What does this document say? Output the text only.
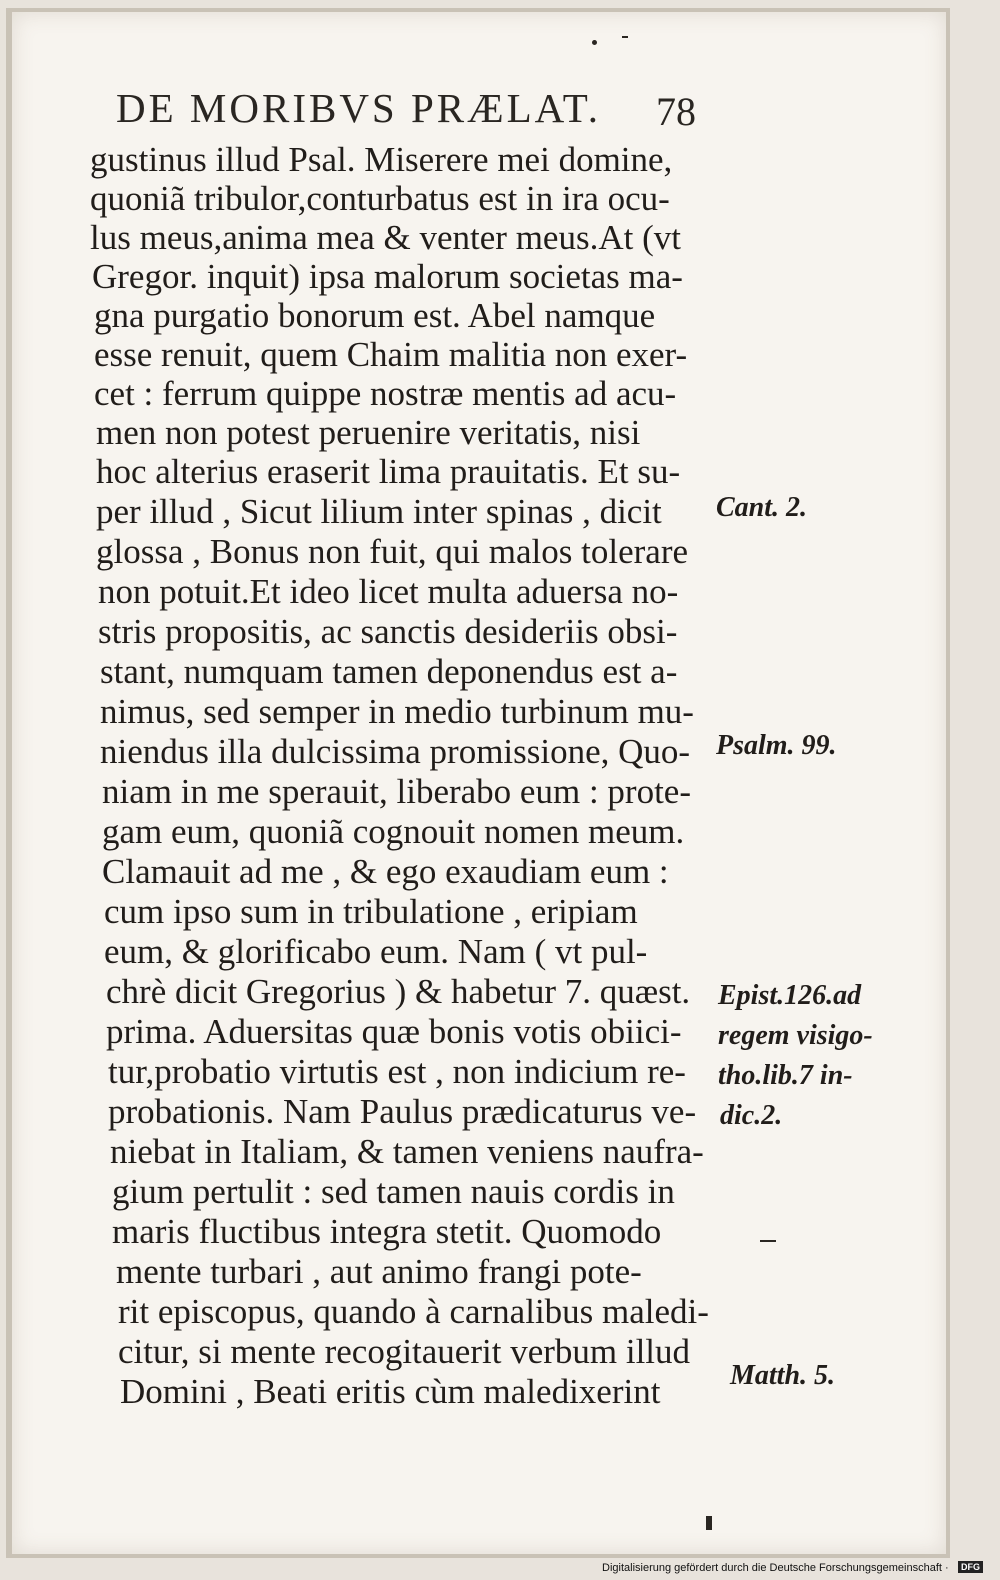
DE MORIBVS PRÆLAT. 78
gustinus illud Psal. Miserere mei domine,
quoniã tribulor,conturbatus est in ira ocu-
lus meus,anima mea & venter meus.At (vt
Gregor. inquit) ipsa malorum societas ma-
gna purgatio bonorum est. Abel namque
esse renuit, quem Chaim malitia non exer-
cet : ferrum quippe nostræ mentis ad acu-
men non potest peruenire veritatis, nisi
hoc alterius eraserit lima prauitatis. Et su-
per illud , Sicut lilium inter spinas , dicit
glossa , Bonus non fuit, qui malos tolerare
non potuit.Et ideo licet multa aduersa no-
stris propositis, ac sanctis desideriis obsi-
stant, numquam tamen deponendus est a-
nimus, sed semper in medio turbinum mu-
niendus illa dulcissima promissione, Quo-
niam in me sperauit, liberabo eum : prote-
gam eum, quoniã cognouit nomen meum.
Clamauit ad me , & ego exaudiam eum :
cum ipso sum in tribulatione , eripiam
eum, & glorificabo eum. Nam ( vt pul-
chrè dicit Gregorius ) & habetur 7. quæst.
prima. Aduersitas quæ bonis votis obiici-
tur,probatio virtutis est , non indicium re-
probationis. Nam Paulus prædicaturus ve-
niebat in Italiam, & tamen veniens naufra-
gium pertulit : sed tamen nauis cordis in
maris fluctibus integra stetit. Quomodo
mente turbari , aut animo frangi pote-
rit episcopus, quando à carnalibus maledi-
citur, si mente recogitauerit verbum illud
Domini , Beati eritis cùm maledixerint
Cant. 2.
Psalm. 99.
Epist.126.ad
regem visigo-
tho.lib.7 in-
dic.2.
Matth. 5.
Digitalisierung gefördert durch die Deutsche Forschungsgemeinschaft ·	DFG
